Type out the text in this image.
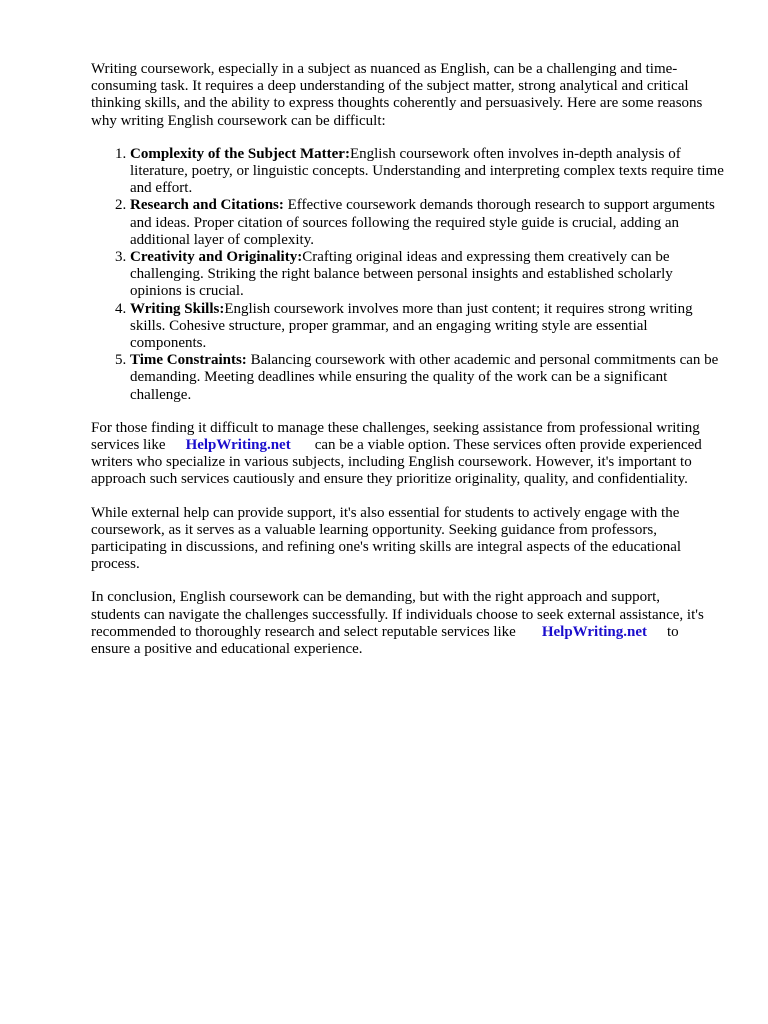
Writing coursework, especially in a subject as nuanced as English, can be a challenging and time-consuming task. It requires a deep understanding of the subject matter, strong analytical and critical thinking skills, and the ability to express thoughts coherently and persuasively. Here are some reasons why writing English coursework can be difficult:

1. Complexity of the Subject Matter:English coursework often involves in-depth analysis of literature, poetry, or linguistic concepts. Understanding and interpreting complex texts require time and effort.
2. Research and Citations: Effective coursework demands thorough research to support arguments and ideas. Proper citation of sources following the required style guide is crucial, adding an additional layer of complexity.
3. Creativity and Originality:Crafting original ideas and expressing them creatively can be challenging. Striking the right balance between personal insights and established scholarly opinions is crucial.
4. Writing Skills:English coursework involves more than just content; it requires strong writing skills. Cohesive structure, proper grammar, and an engaging writing style are essential components.
5. Time Constraints: Balancing coursework with other academic and personal commitments can be demanding. Meeting deadlines while ensuring the quality of the work can be a significant challenge.

For those finding it difficult to manage these challenges, seeking assistance from professional writing services like HelpWriting.net can be a viable option. These services often provide experienced writers who specialize in various subjects, including English coursework. However, it's important to approach such services cautiously and ensure they prioritize originality, quality, and confidentiality.

While external help can provide support, it's also essential for students to actively engage with the coursework, as it serves as a valuable learning opportunity. Seeking guidance from professors, participating in discussions, and refining one's writing skills are integral aspects of the educational process.

In conclusion, English coursework can be demanding, but with the right approach and support, students can navigate the challenges successfully. If individuals choose to seek external assistance, it's recommended to thoroughly research and select reputable services like HelpWriting.net to ensure a positive and educational experience.
